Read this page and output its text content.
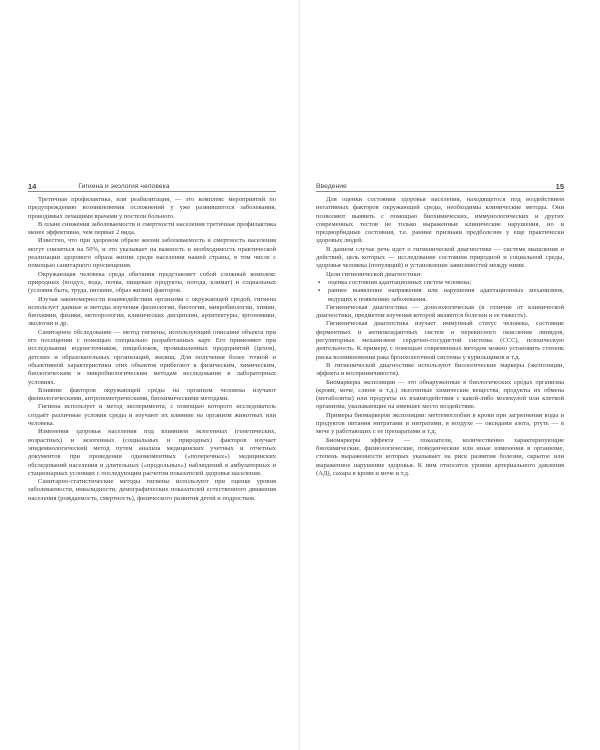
14	Гигиена и экология человека

Третичная профилактика, или реабилитация, — это комплекс мероприятий по предупреждению возникновения осложнений у уже развившегося заболевания, проводимых лечащими врачами у постели больного.

В плане снижения заболеваемости и смертности населения третичная профилактика менее эффективна, чем первые 2 вида.

Известно, что при здоровом образе жизни заболеваемость и смертность населения могут снизиться на 50%, и это указывает на важность и необходимость практической реализации здорового образа жизни среди населения нашей страны, в том числе с помощью санитарного просвещения.

Окружающая человека среда обитания представляет собой сложный комплекс природных (воздух, вода, почва, пищевые продукты, погода, климат) и социальных (условия быта, труда, питание, образ жизни) факторов.

Изучая закономерности взаимодействия организма с окружающей средой, гигиена использует данные и методы изучения физиологии, биологии, микробиологии, химии, биохимии, физики, метеорологии, клинических дисциплин, архитектуры, эргономики, экологии и др.

Санитарное обследование — метод гигиены, использующий описание объекта при его посещении с помощью специально разработанных карт. Его применяют при исследовании водоисточников, пищеблоков, промышленных предприятий (цехов), детских и образовательных организаций, жилищ. Для получения более точной и объективной характеристики этих объектов прибегают к физическим, химическим, биологическим и микробиологическим методам исследования в лабораторных условиях.

Влияние факторов окружающей среды на организм человека изучают физиологическими, антропометрическими, биохимическими методами.

Гигиена использует и метод эксперимента, с помощью которого исследователь создаёт различные условия среды и изучают их влияние на организм животных или человека.

Изменения здоровья населения под влиянием экзогенных (генетических, возрастных) и экзогенных (социальных и природных) факторов изучает эпидемиологический метод путем анализа медицинских учетных и отчетных документов при проведении одномоментных («поперечных») медицинских обследований населения и длительных («продольных») наблюдений в амбулаторных и стационарных условиях с последующим расчетом показателей здоровья населения.

Санитарно-статистические методы гигиены используют при оценке уровня заболеваемости, инвалидности, демографических показателей естественного движения населения (рождаемость, смертность), физического развития детей и подростков.

Введение	15

Для оценки состояния здоровья населения, находящегося под воздействием негативных факторов окружающей среды, необходимы клинические методы. Они позволяют выявить с помощью биохимических, иммунологических и других современных тестов не только выраженные клинические нарушения, но и предморбидные состояния, т.е. ранние признаки предболезни у еще практически здоровых людей.

В данном случае речь идет о гигиенической диагностике — системе мышления и действий, цель которых — исследование состояния природной и социальной среды, здоровья человека (популяций) и установление зависимостей между ними.

Цели гигиенической диагностики:

▪ оценка состояния адаптационных систем человека;
▪ раннее выявление напряжения или нарушения адаптационных механизмов, ведущих к появлению заболевания.

Гигиеническая диагностика — донозологическая (в отличие от клинической диагностики, предметом изучения которой являются болезни и ее тяжесть).

Гигиеническая диагностика изучает иммунный статус человека, состояние ферментных и антиоксидантных систем и перекисного окисления липидов, регуляторных механизмов сердечно-сосудистой системы (ССС), психическую деятельность. К примеру, с помощью современных методов можно установить степень риска возникновения рака бронхолегочной системы у курильщиков и т.д.

В гигиенической диагностике используют биологические маркеры (экспозиции, эффекта и восприимчивости).

Биомаркеры экспозиции — это обнаруженные в биологических средах организма (крови, моче, слюне и т.д.) экзогенные химические вещества, продукты их обмена (метаболиты) или продукты их взаимодействия с какой-либо молекулой или клеткой организма, указывающие на имевшее место воздействие.

Примеры биомаркеров экспозиции: метгемоглобин в крови при загрязнении воды и продуктов питания нитратами и нитратами, в воздухе — оксидами азота, ртуть — в моче у работающих с ее препаратами и т.д.

Биомаркеры эффекта — показатели, количественно характеризующие биохимические, физиологические, поведенческие или иные изменения в организме, степень выраженности которых указывает на риск развития болезни, скрытое или выраженное нарушение здоровья. К ним относятся уровни артериального давления (АД), сахара в крови и моче и т.д.
